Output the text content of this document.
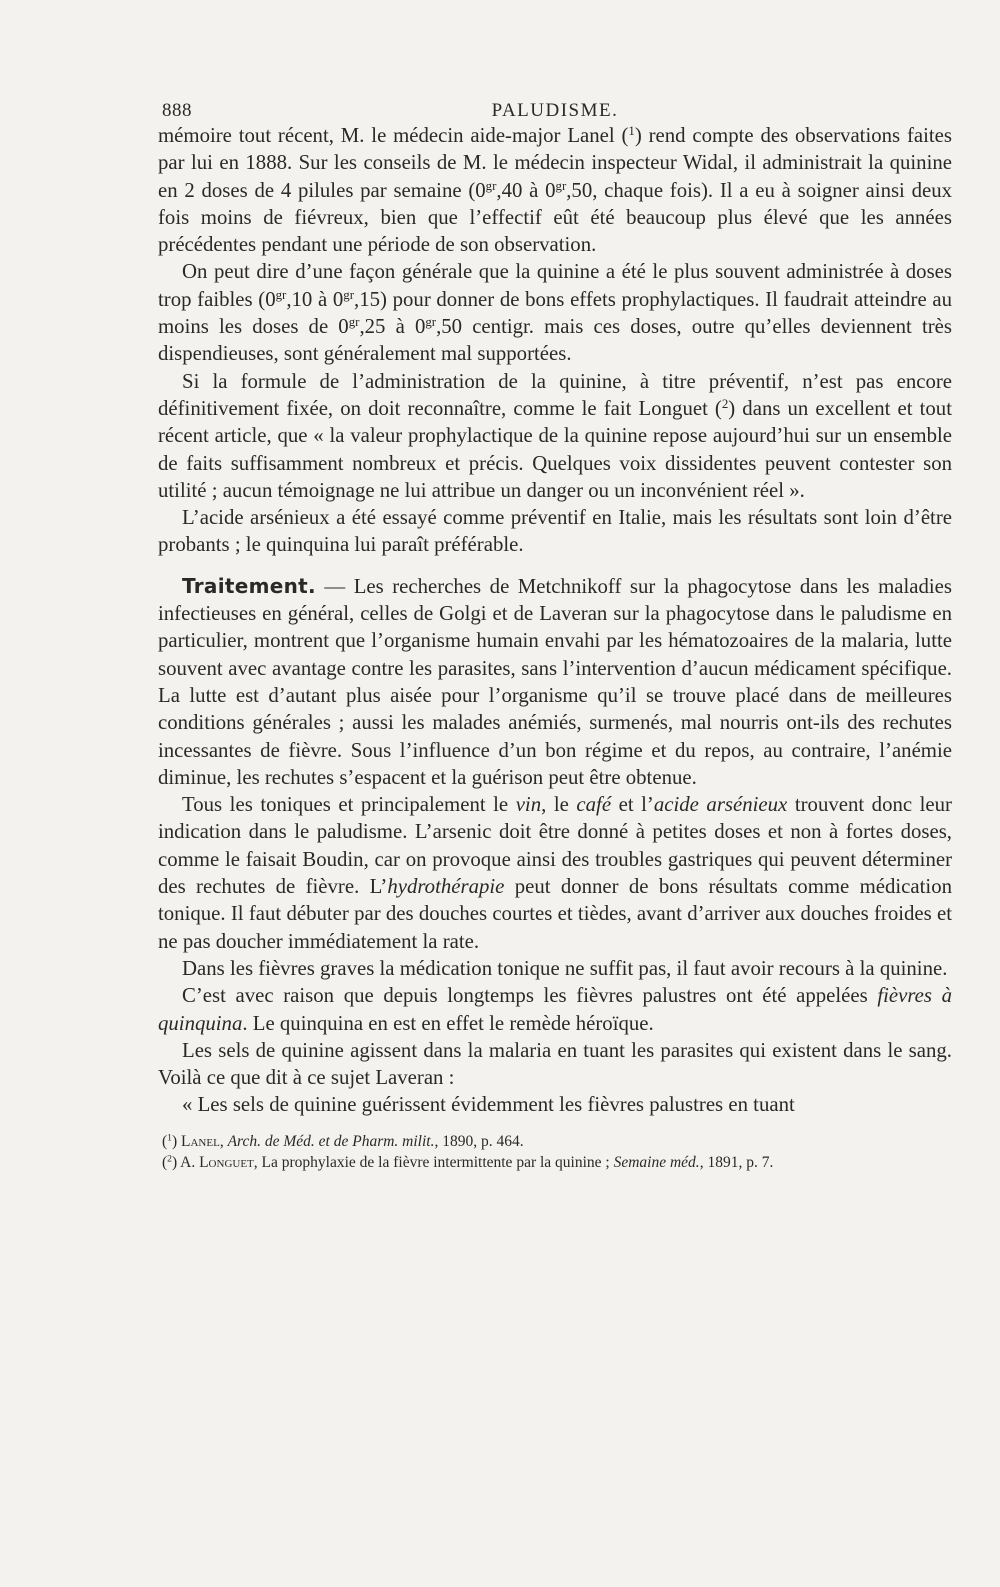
888	PALUDISME.

mémoire tout récent, M. le médecin aide-major Lanel ($^1$) rend compte des observations faites par lui en 1888. Sur les conseils de M. le médecin inspecteur Widal, il administrait la quinine en 2 doses de 4 pilules par semaine ($0^{gr},40$ à $0^{gr},50$, chaque fois). Il a eu à soigner ainsi deux fois moins de fiévreux, bien que l’effectif eût été beaucoup plus élevé que les années précédentes pendant une période de son observation.

On peut dire d’une façon générale que la quinine a été le plus souvent administrée à doses trop faibles ($0^{gr},10$ à $0^{gr},15$) pour donner de bons effets prophylactiques. Il faudrait atteindre au moins les doses de $0^{gr},25$ à $0^{gr},50$ centigr. mais ces doses, outre qu’elles deviennent très dispendieuses, sont généralement mal supportées.

Si la formule de l’administration de la quinine, à titre préventif, n’est pas encore définitivement fixée, on doit reconnaître, comme le fait Longuet ($^2$) dans un excellent et tout récent article, que « la valeur prophylactique de la quinine repose aujourd’hui sur un ensemble de faits suffisamment nombreux et précis. Quelques voix dissidentes peuvent contester son utilité ; aucun témoignage ne lui attribue un danger ou un inconvénient réel ».

L’acide arsénieux a été essayé comme préventif en Italie, mais les résultats sont loin d’être probants ; le quinquina lui paraît préférable.

Traitement. — Les recherches de Metchnikoff sur la phagocytose dans les maladies infectieuses en général, celles de Golgi et de Laveran sur la phagocytose dans le paludisme en particulier, montrent que l’organisme humain envahi par les hématozoaires de la malaria, lutte souvent avec avantage contre les parasites, sans l’intervention d’aucun médicament spécifique. La lutte est d’autant plus aisée pour l’organisme qu’il se trouve placé dans de meilleures conditions générales ; aussi les malades anémiés, surmenés, mal nourris ont-ils des rechutes incessantes de fièvre. Sous l’influence d’un bon régime et du repos, au contraire, l’anémie diminue, les rechutes s’espacent et la guérison peut être obtenue.

Tous les toniques et principalement le vin, le café et l’acide arsénieux trouvent donc leur indication dans le paludisme. L’arsenic doit être donné à petites doses et non à fortes doses, comme le faisait Boudin, car on provoque ainsi des troubles gastriques qui peuvent déterminer des rechutes de fièvre. L’hydrothérapie peut donner de bons résultats comme médication tonique. Il faut débuter par des douches courtes et tièdes, avant d’arriver aux douches froides et ne pas doucher immédiatement la rate.

Dans les fièvres graves la médication tonique ne suffit pas, il faut avoir recours à la quinine.

C’est avec raison que depuis longtemps les fièvres palustres ont été appelées fièvres à quinquina. Le quinquina en est en effet le remède héroïque.

Les sels de quinine agissent dans la malaria en tuant les parasites qui existent dans le sang. Voilà ce que dit à ce sujet Laveran :

« Les sels de quinine guérissent évidemment les fièvres palustres en tuant

($^1$) Lanel, Arch. de Méd. et de Pharm. milit., 1890, p. 464.

($^2$) A. Longuet, La prophylaxie de la fièvre intermittente par la quinine ; Semaine méd., 1891, p. 7.
